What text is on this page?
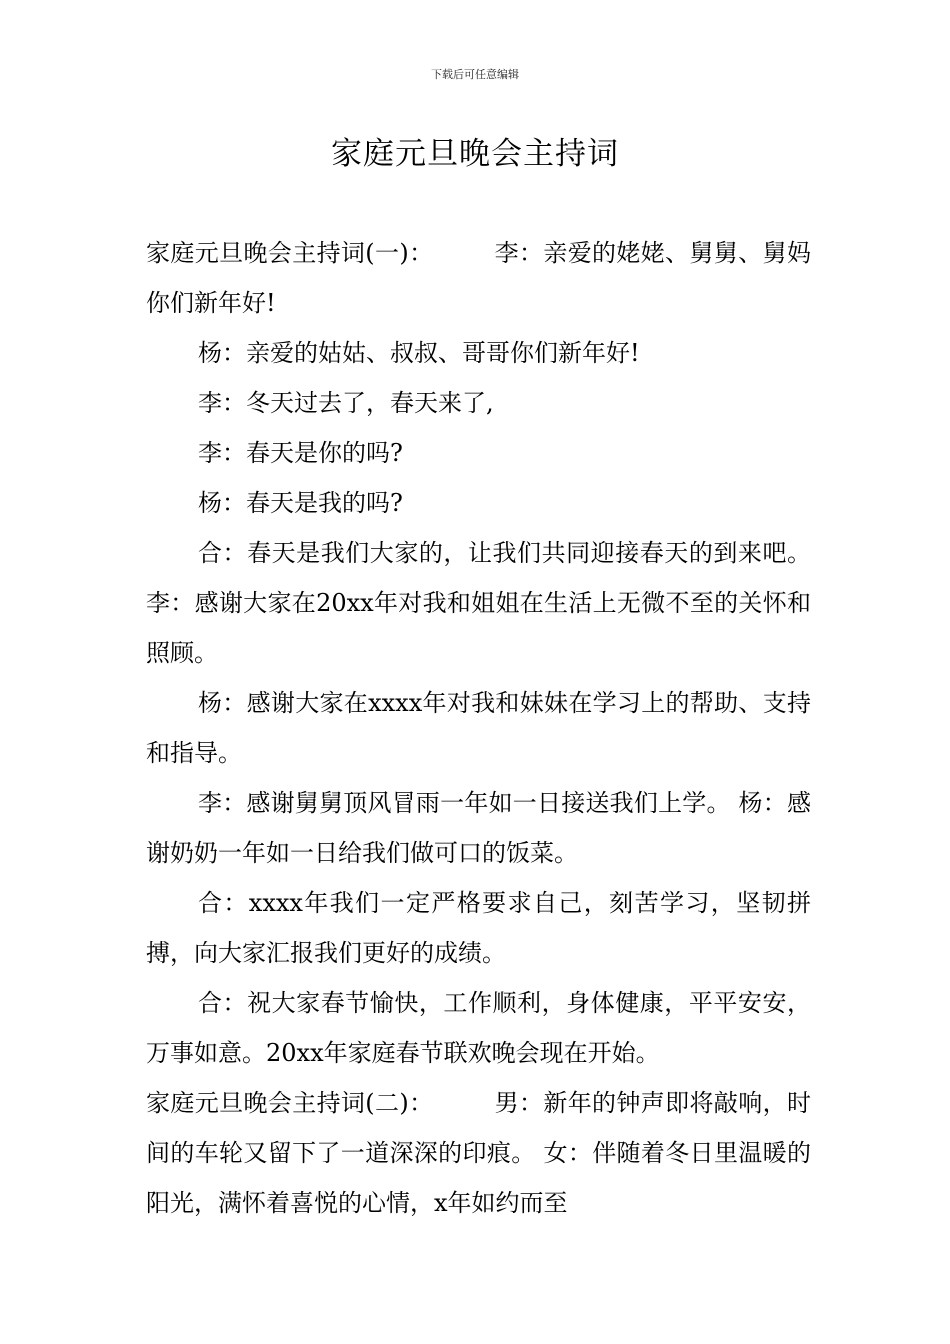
下载后可任意编辑
家庭元旦晚会主持词

家庭元旦晚会主持词(一)：　　　李：亲爱的姥姥、舅舅、舅妈你们新年好!

杨：亲爱的姑姑、叔叔、哥哥你们新年好!

李：冬天过去了，春天来了,

李：春天是你的吗?

杨：春天是我的吗?

合：春天是我们大家的，让我们共同迎接春天的到来吧。 李：感谢大家在20xx年对我和姐姐在生活上无微不至的关怀和照顾。

杨：感谢大家在xxxx年对我和妹妹在学习上的帮助、支持和指导。

李：感谢舅舅顶风冒雨一年如一日接送我们上学。 杨：感谢奶奶一年如一日给我们做可口的饭菜。

合：xxxx年我们一定严格要求自己，刻苦学习，坚韧拼搏，向大家汇报我们更好的成绩。

合：祝大家春节愉快，工作顺利，身体健康，平平安安，万事如意。20xx年家庭春节联欢晚会现在开始。

家庭元旦晚会主持词(二)：　　　男：新年的钟声即将敲响，时间的车轮又留下了一道深深的印痕。 女：伴随着冬日里温暖的阳光，满怀着喜悦的心情，x年如约而至
